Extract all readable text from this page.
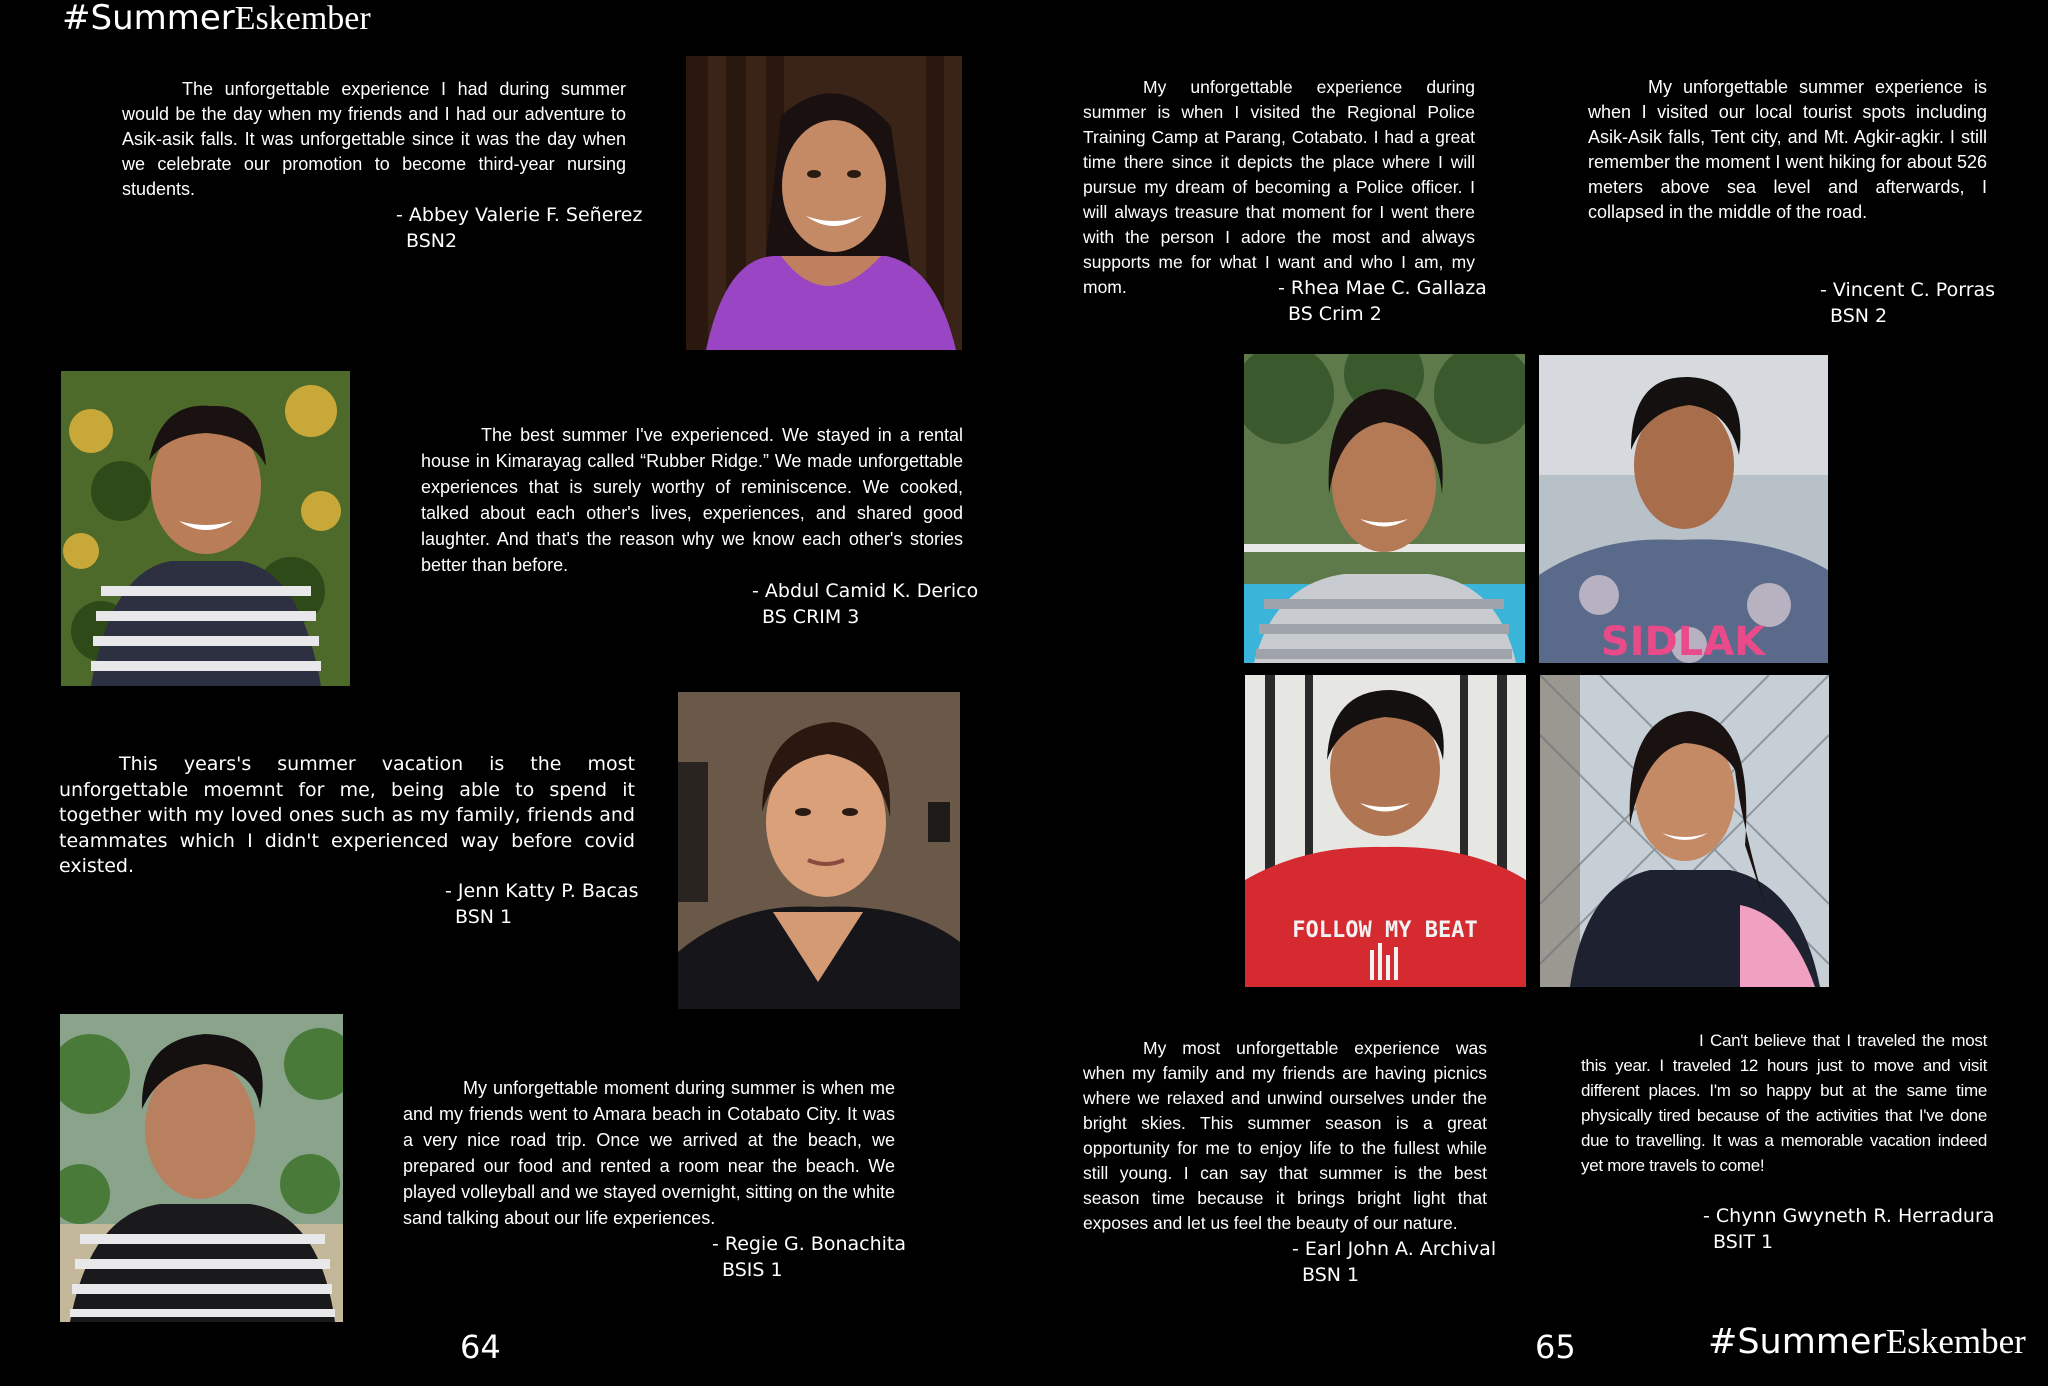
#SummerEskember
#SummerEskember
64	65

The unforgettable experience I had during summer would be the day when my friends and I had our adventure to Asik-asik falls. It was unforgettable since it was the day when we celebrate our promotion to become third-year nursing students.

- Abbey Valerie F. Señerez
BSN2

The best summer I've experienced. We stayed in a rental house in Kimarayag called “Rubber Ridge.” We made unforgettable experiences that is surely worthy of reminiscence. We cooked, talked about each other's lives, experiences, and shared good laughter. And that's the reason why we know each other's stories better than before.

- Abdul Camid K. Derico
BS CRIM 3

This years's summer vacation is the most unforgettable moemnt for me, being able to spend it together with my loved ones such as my family, friends and teammates which I didn't experienced way before covid existed.

- Jenn Katty P. Bacas
BSN 1

My unforgettable moment during summer is when me and my friends went to Amara beach in Cotabato City. It was a very nice road trip. Once we arrived at the beach, we prepared our food and rented a room near the beach. We played volleyball and we stayed overnight, sitting on the white sand talking about our life experiences.

- Regie G. Bonachita
BSIS 1

My unforgettable experience during summer is when I visited the Regional Police Training Camp at Parang, Cotabato. I had a great time there since it depicts the place where I will pursue my dream of becoming a Police officer. I will always treasure that moment for I went there with the person I adore the most and always supports me for what I want and who I am, my mom.	- Rhea Mae C. Gallaza
BS Crim 2

My unforgettable summer experience is when I visited our local tourist spots including Asik-Asik falls, Tent city, and Mt. Agkir-agkir. I still remember the moment I went hiking for about 526 meters above sea level and afterwards, I collapsed in the middle of the road.

- Vincent C. Porras
BSN 2
SIDLAK
FOLLOW MY BEAT

My most unforgettable experience was when my family and my friends are having picnics where we relaxed and unwind ourselves under the bright skies. This summer season is a great opportunity for me to enjoy life to the fullest while still young. I can say that summer is the best season time because it brings bright light that exposes and let us feel the beauty of our nature.

- Earl John A. Archival
BSN 1

I Can't believe that I traveled the most this year. I traveled 12 hours just to move and visit different places. I'm so happy but at the same time physically tired because of the activities that I've done due to travelling. It was a memorable vacation indeed yet more travels to come!

- Chynn Gwyneth R. Herradura
BSIT 1
